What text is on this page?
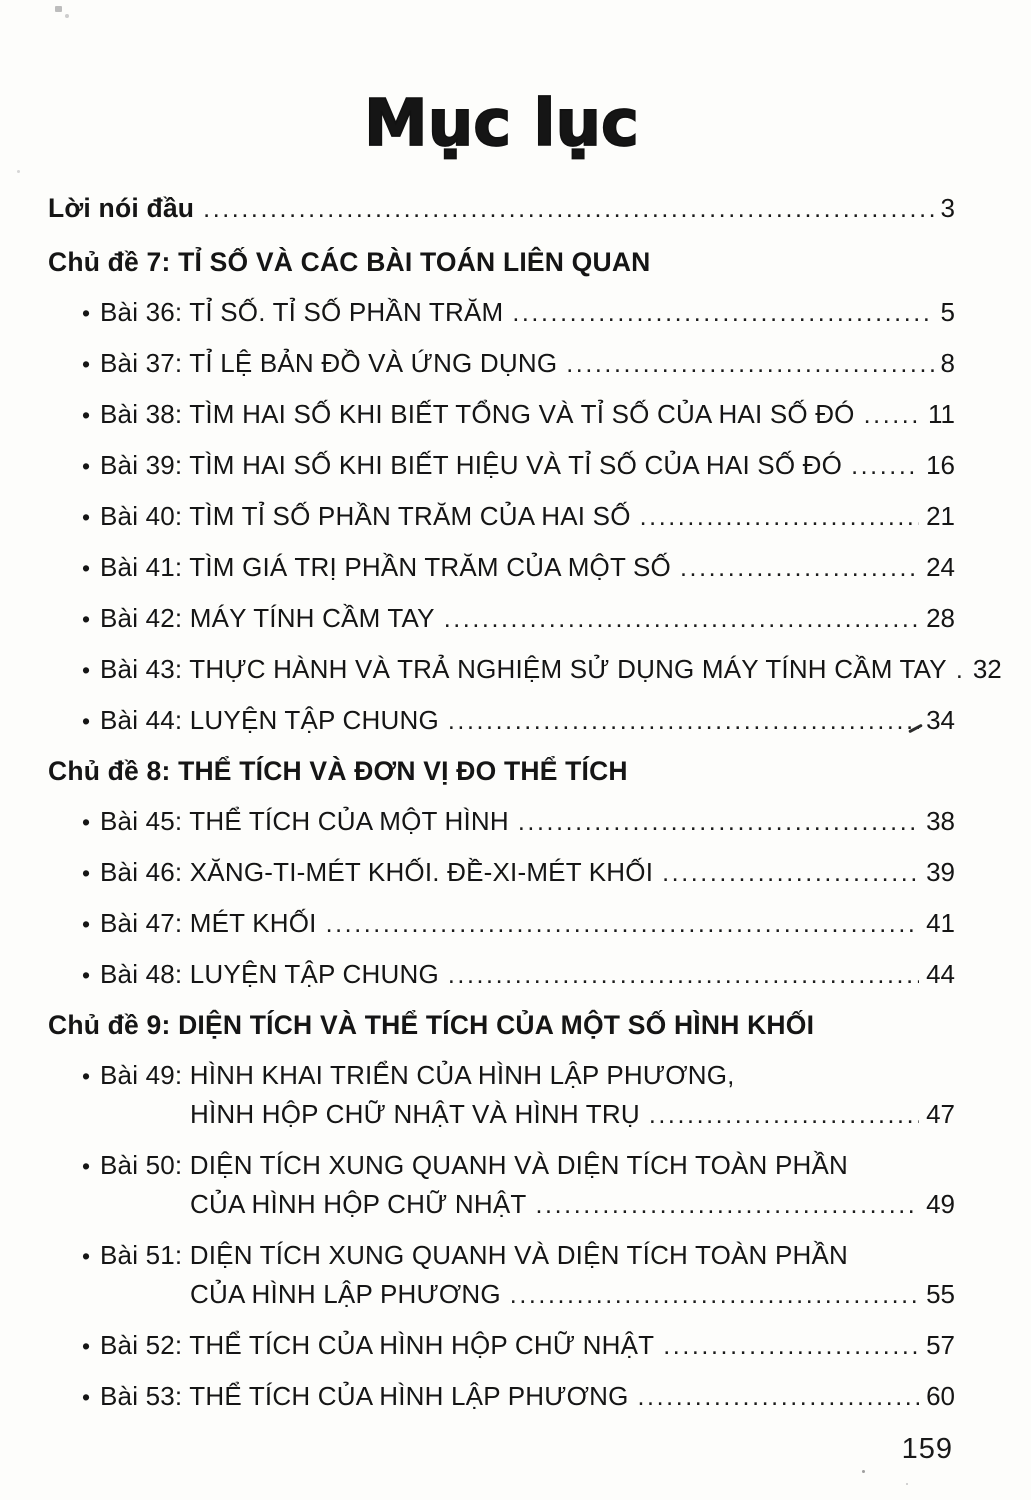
Mục lục
Lời nói đầu .....	3
Chủ đề 7: TỈ SỐ VÀ CÁC BÀI TOÁN LIÊN QUAN
• Bài 36: TỈ SỐ. TỈ SỐ PHẦN TRĂM .....	5
• Bài 37: TỈ LỆ BẢN ĐỒ VÀ ỨNG DỤNG .....	8
• Bài 38: TÌM HAI SỐ KHI BIẾT TỔNG VÀ TỈ SỐ CỦA HAI SỐ ĐÓ .....	11
• Bài 39: TÌM HAI SỐ KHI BIẾT HIỆU VÀ TỈ SỐ CỦA HAI SỐ ĐÓ .....	16
• Bài 40: TÌM TỈ SỐ PHẦN TRĂM CỦA HAI SỐ .....	21
• Bài 41: TÌM GIÁ TRỊ PHẦN TRĂM CỦA MỘT SỐ .....	24
• Bài 42: MÁY TÍNH CẦM TAY .....	28
• Bài 43: THỰC HÀNH VÀ TRẢ NGHIỆM SỬ DỤNG MÁY TÍNH CẦM TAY ..... 32
• Bài 44: LUYỆN TẬP CHUNG .....	34
Chủ đề 8: THỂ TÍCH VÀ ĐƠN VỊ ĐO THỂ TÍCH
• Bài 45: THỂ TÍCH CỦA MỘT HÌNH .....	38
• Bài 46: XĂNG-TI-MÉT KHỐI. ĐỀ-XI-MÉT KHỐI .....	39
• Bài 47: MÉT KHỐI .....	41
• Bài 48: LUYỆN TẬP CHUNG .....	44
Chủ đề 9: DIỆN TÍCH VÀ THỂ TÍCH CỦA MỘT SỐ HÌNH KHỐI
• Bài 49: HÌNH KHAI TRIỂN CỦA HÌNH LẬP PHƯƠNG,
HÌNH HỘP CHỮ NHẬT VÀ HÌNH TRỤ .....	47
• Bài 50: DIỆN TÍCH XUNG QUANH VÀ DIỆN TÍCH TOÀN PHẦN
CỦA HÌNH HỘP CHỮ NHẬT .....	49
• Bài 51: DIỆN TÍCH XUNG QUANH VÀ DIỆN TÍCH TOÀN PHẦN
CỦA HÌNH LẬP PHƯƠNG .....	55
• Bài 52: THỂ TÍCH CỦA HÌNH HỘP CHỮ NHẬT .....	57
• Bài 53: THỂ TÍCH CỦA HÌNH LẬP PHƯƠNG .....	60
159
